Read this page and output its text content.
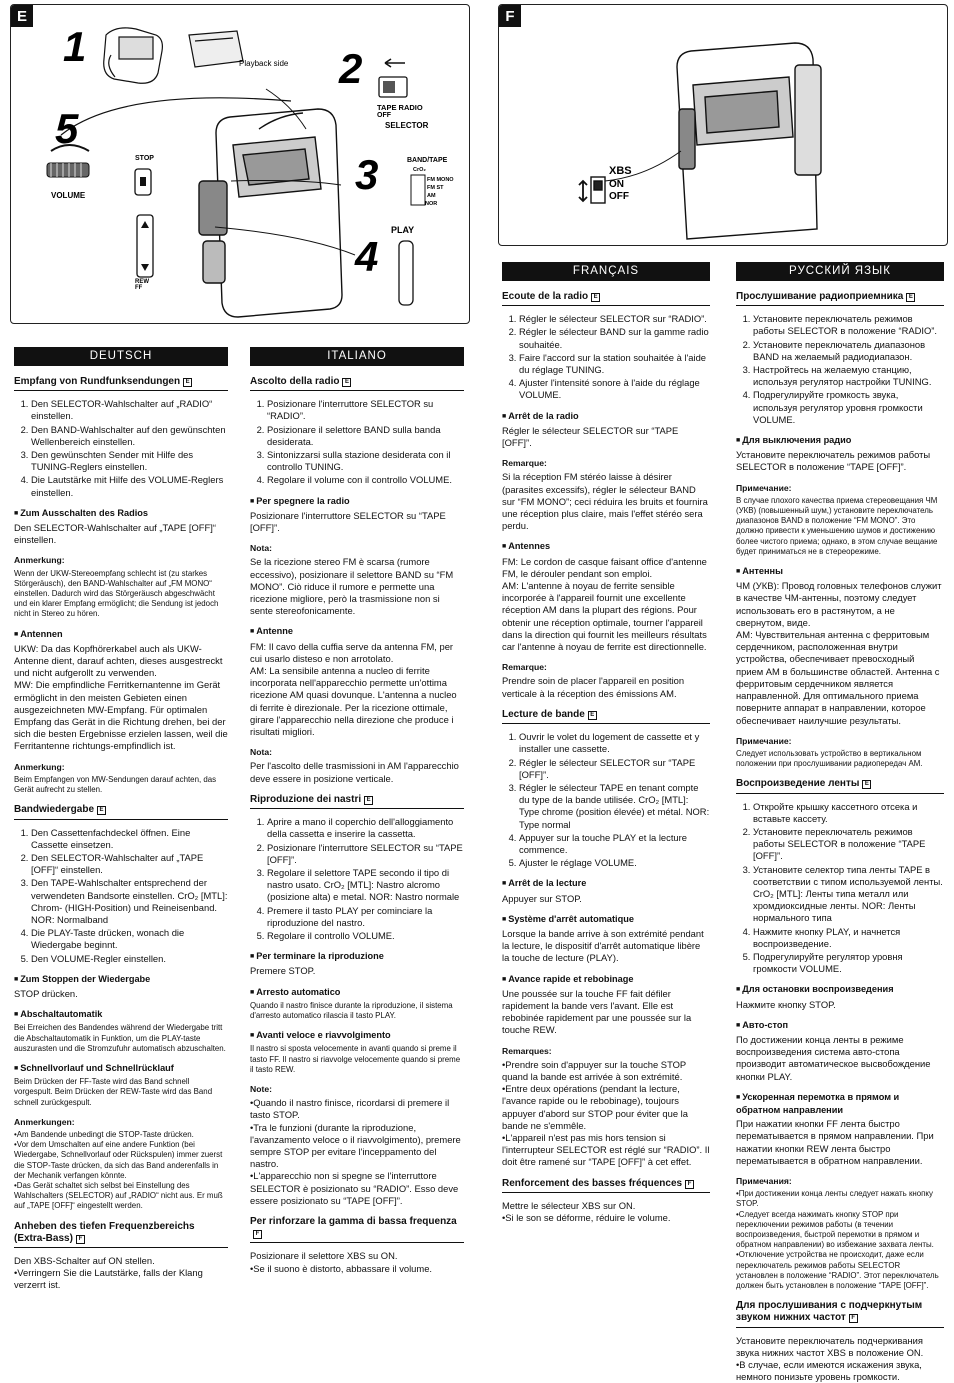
E
1	2
3
4
5
Playback side
TAPE RADIO
OFF
SELECTOR
VOLUME
STOP	BAND/TAPE
CrO₂
FM MONO
FM ST
AM
NOR
PLAY
REW FF
F
XBS
ON
OFF
DEUTSCH
Empfang von Rundfunksendungen E
1. Den SELECTOR-Wahlschalter auf „RADIO“ einstellen.
2. Den BAND-Wahlschalter auf den gewünschten Wellenbereich einstellen.
3. Den gewünschten Sender mit Hilfe des TUNING-Reglers einstellen.
4. Die Lautstärke mit Hilfe des VOLUME-Reglers einstellen.
■ Zum Ausschalten des Radios

Den SELECTOR-Wahlschalter auf „TAPE [OFF]“ einstellen.

Anmerkung:

Wenn der UKW-Stereoempfang schlecht ist (zu starkes Störgeräusch), den BAND-Wahlschalter auf „FM MONO“ einstellen. Dadurch wird das Störgeräusch abgeschwächt und ein klarer Empfang ermöglicht; die Sendung ist jedoch nicht in Stereo zu hören.

■ Antennen

UKW: Da das Kopfhörerkabel auch als UKW-Antenne dient, darauf achten, dieses ausgestreckt und nicht aufgerollt zu verwenden.

MW: Die empfindliche Ferritkernantenne im Gerät ermöglicht in den meisten Gebieten einen ausgezeichneten MW-Empfang. Für optimalen Empfang das Gerät in die Richtung drehen, bei der sich die besten Ergebnisse erzielen lassen, weil die Ferritantenne richtungs-empfindlich ist.

Anmerkung:

Beim Empfangen von MW-Sendungen darauf achten, das Gerät aufrecht zu stellen.

Bandwiedergabe E
1. Den Cassettenfachdeckel öffnen. Eine Cassette einsetzen.
2. Den SELECTOR-Wahlschalter auf „TAPE [OFF]“ einstellen.
3. Den TAPE-Wahlschalter entsprechend der verwendeten Bandsorte einstellen. CrO₂ [MTL]: Chrom- (HIGH-Position) und Reineisenband. NOR: Normalband
4. Die PLAY-Taste drücken, wonach die Wiedergabe beginnt.
5. Den VOLUME-Regler einstellen.
■ Zum Stoppen der Wiedergabe

STOP drücken.

■ Abschaltautomatik

Bei Erreichen des Bandendes während der Wiedergabe tritt die Abschaltautomatik in Funktion, um die PLAY-taste auszurasten und die Stromzufuhr automatisch abzuschalten.

■ Schnellvorlauf und Schnellrücklauf

Beim Drücken der FF-Taste wird das Band schnell vorgespult. Beim Drücken der REW-Taste wird das Band schnell zurückgespult.

Anmerkungen:

•Am Bandende unbedingt die STOP-Taste drücken.

•Vor dem Umschalten auf eine andere Funktion (bei Wiedergabe, Schnellvorlauf oder Rückspulen) immer zuerst die STOP-Taste drücken, da sich das Band anderenfalls in der Mechanik verfangen könnte.

•Das Gerät schaltet sich selbst bei Einstellung des Wahlschalters (SELECTOR) auf „RADIO“ nicht aus. Er muß auf „TAPE [OFF]“ eingestellt werden.

Anheben des tiefen Frequenzbereichs (Extra-Bass) F

Den XBS-Schalter auf ON stellen.

•Verringern Sie die Lautstärke, falls der Klang verzerrt ist.

ITALIANO
Ascolto della radio E
1. Posizionare l'interruttore SELECTOR su “RADIO”.
2. Posizionare il selettore BAND sulla banda desiderata.
3. Sintonizzarsi sulla stazione desiderata con il controllo TUNING.
4. Regolare il volume con il controllo VOLUME.
■ Per spegnere la radio

Posizionare l'interruttore SELECTOR su “TAPE [OFF]”.

Nota:

Se la ricezione stereo FM è scarsa (rumore eccessivo), posizionare il selettore BAND su “FM MONO”. Ciò riduce il rumore e permette una ricezione migliore, però la trasmissione non si sente stereofonicamente.

■ Antenne

FM: Il cavo della cuffia serve da antenna FM, per cui usarlo disteso e non arrotolato.

AM: La sensibile antenna a nucleo di ferrite incorporata nell'apparecchio permette un'ottima ricezione AM quasi dovunque. L'antenna a nucleo di ferrite è direzionale. Per la ricezione ottimale, girare l'apparecchio nella direzione che produce i risultati migliori.

Nota:

Per l'ascolto delle trasmissioni in AM l'apparecchio deve essere in posizione verticale.

Riproduzione dei nastri E
1. Aprire a mano il coperchio dell'alloggiamento della cassetta e inserire la cassetta.
2. Posizionare l'interruttore SELECTOR su “TAPE [OFF]”.
3. Regolare il selettore TAPE secondo il tipo di nastro usato. CrO₂ [MTL]: Nastro alcromo (posizione alta) e metal. NOR: Nastro normale
4. Premere il tasto PLAY per cominciare la riproduzione del nastro.
5. Regolare il controllo VOLUME.
■ Per terminare la riproduzione

Premere STOP.

■ Arresto automatico

Quando il nastro finisce durante la riproduzione, il sistema d'arresto automatico rilascia il tasto PLAY.

■ Avanti veloce e riavvolgimento

Il nastro si sposta velocemente in avanti quando si preme il tasto FF. Il nastro si riavvolge velocemente quando si preme il tasto REW.

Note:

•Quando il nastro finisce, ricordarsi di premere il tasto STOP.

•Tra le funzioni (durante la riproduzione, l'avanzamento veloce o il riavvolgimento), premere sempre STOP per evitare l'inceppamento del nastro.

•L'apparecchio non si spegne se l'interruttore SELECTOR è posizionato su “RADIO”. Esso deve essere posizionato su “TAPE [OFF]”.

Per rinforzare la gamma di bassa frequenzaF

Posizionare il selettore XBS su ON.

•Se il suono è distorto, abbassare il volume.

FRANÇAIS
Ecoute de la radio E
1. Régler le sélecteur SELECTOR sur “RADIO”.
2. Régler le sélecteur BAND sur la gamme radio souhaitée.
3. Faire l'accord sur la station souhaitée à l'aide du réglage TUNING.
4. Ajuster l'intensité sonore à l'aide du réglage VOLUME.
■ Arrêt de la radio

Régler le sélecteur SELECTOR sur “TAPE [OFF]”.

Remarque:

Si la réception FM stéréo laisse à désirer (parasites excessifs), régler le sélecteur BAND sur “FM MONO”; ceci réduira les bruits et fournira une réception plus claire, mais l'effet stéréo sera perdu.

■ Antennes

FM: Le cordon de casque faisant office d'antenne FM, le dérouler pendant son emploi.

AM: L'antenne à noyau de ferrite sensible incorporée à l'appareil fournit une excellente réception AM dans la plupart des régions. Pour obtenir une réception optimale, tourner l'appareil dans la direction qui fournit les meilleurs résultats car l'antenne à noyau de ferrite est directionnelle.

Remarque:

Prendre soin de placer l'appareil en position verticale à la réception des émissions AM.

Lecture de bande E
1. Ouvrir le volet du logement de cassette et y installer une cassette.
2. Régler le sélecteur SELECTOR sur “TAPE [OFF]”.
3. Régler le sélecteur TAPE en tenant compte du type de la bande utilisée. CrO₂ [MTL]: Type chrome (position élevée) et métal. NOR: Type normal
4. Appuyer sur la touche PLAY et la lecture commence.
5. Ajuster le réglage VOLUME.
■ Arrêt de la lecture

Appuyer sur STOP.

■ Système d'arrêt automatique

Lorsque la bande arrive à son extrémité pendant la lecture, le dispositif d'arrêt automatique libère la touche de lecture (PLAY).

■ Avance rapide et rebobinage

Une poussée sur la touche FF fait défiler rapidement la bande vers l'avant. Elle est rebobinée rapidement par une poussée sur la touche REW.

Remarques:

•Prendre soin d'appuyer sur la touche STOP quand la bande est arrivée à son extrémité.

•Entre deux opérations (pendant la lecture, l'avance rapide ou le rebobinage), toujours appuyer d'abord sur STOP pour éviter que la bande ne s'emmêle.

•L'appareil n'est pas mis hors tension si l'interrupteur SELECTOR est réglé sur “RADIO”. Il doit être ramené sur “TAPE [OFF]” à cet effet.

Renforcement des basses fréquences F

Mettre le sélecteur XBS sur ON.

•Si le son se déforme, réduire le volume.

РУССКИЙ ЯЗЫК
Прослушивание радиоприемника E
1. Установите переключатель режимов работы SELECTOR в положение “RADIO”.
2. Установите переключатель диапазонов BAND на желаемый радиодиапазон.
3. Настройтесь на желаемую станцию, используя регулятор настройки TUNING.
4. Подрегулируйте громкость звука, используя регулятор уровня громкости VOLUME.
■ Для выключения радио

Установите переключатель режимов работы SELECTOR в положение “TAPE [OFF]”.

Примечание:

В случае плохого качества приема стереовещания ЧМ (УКВ) (повышенный шум,) установите переключатель диапазонов BAND в положение “FM MONO”. Это должно привести к уменьшению шумов и достижению более чистого приема; однако, в этом случае вещание будет приниматься не в стереорежиме.

■ Антенны

ЧМ (УКВ): Провод головных телефонов служит в качестве ЧМ-антенны, поэтому следует использовать его в растянутом, а не свернутом, виде.

AM: Чувствительная антенна с ферритовым сердечником, расположенная внутри устройства, обеспечивает превосходный прием AM в большинстве областей. Антенна с ферритовым сердечником является направленной. Для оптимального приема поверните аппарат в направлении, которое обеспечивает наилучшие результаты.

Примечание:

Следует использовать устройство в вертикальном положении при прослушивании радиопередач AM.

Воспроизведение ленты E
1. Откройте крышку кассетного отсека и вставьте кассету.
2. Установите переключатель режимов работы SELECTOR в положение “TAPE [OFF]”.
3. Установите селектор типа ленты TAPE в соответствии с типом используемой ленты. CrO₂ [MTL]: Ленты типа металл или хромдиоксидные ленты. NOR: Ленты нормального типа
4. Нажмите кнопку PLAY, и начнется воспроизведение.
5. Подрегулируйте регулятор уровня громкости VOLUME.
■ Для остановки воспроизведения

Нажмите кнопку STOP.

■ Авто-стоп

По достижении конца ленты в режиме воспроизведения система авто-стопа производит автоматическое высвобождение кнопки PLAY.

■ Ускоренная перемотка в прямом и обратном направлении

При нажатии кнопки FF лента быстро перематывается в прямом направлении. При нажатии кнопки REW лента быстро перематывается в обратном направлении.

Примечания:

•При достижении конца ленты следует нажать кнопку STOP.

•Следует всегда нажимать кнопку STOP при переключении режимов работы (в течении воспроизведения, быстрой перемотки в прямом и обратном направлении) во избежание захвата ленты.

•Отключение устройства не происходит, даже если переключатель режимов работы SELECTOR установлен в положение “RADIO”. Этот переключатель должен быть установлен в положение “TAPE [OFF]”.

Для прослушивания с подчеркнутым звуком нижних частот F

Установите переключатель подчеркивания звука нижних частот XBS в положение ON.

•В случае, если имеются искажения звука, немного понизьте уровень громкости.
